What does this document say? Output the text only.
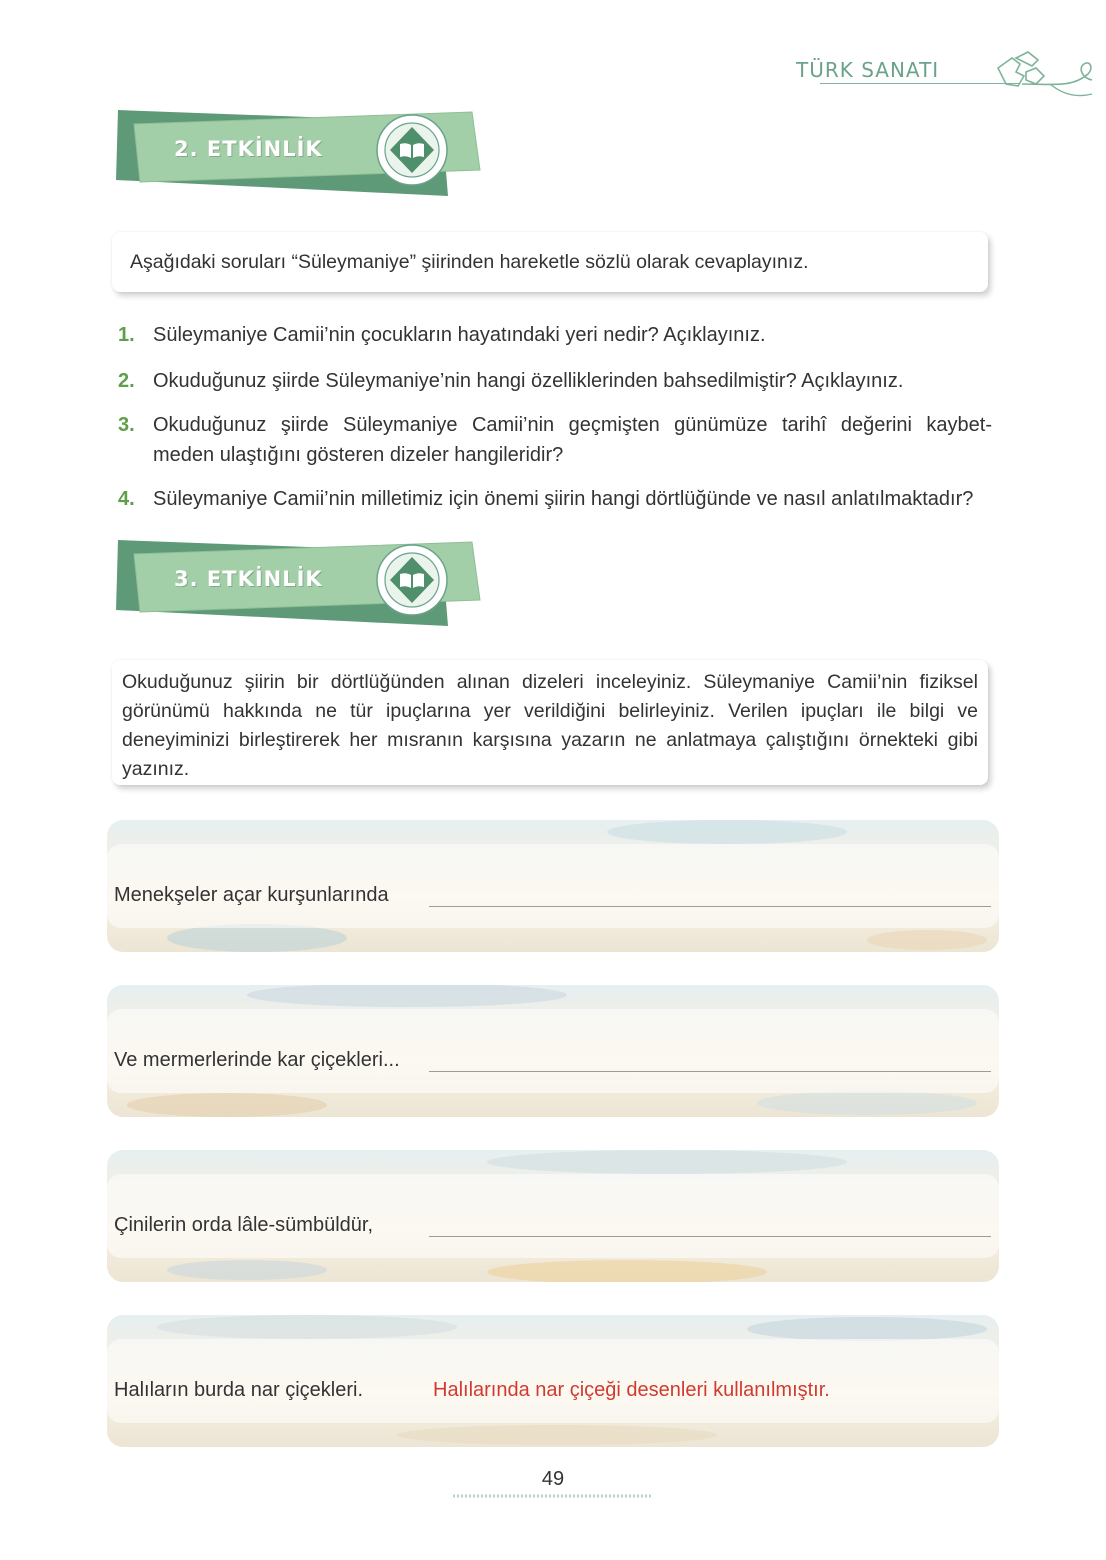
TÜRK SANATI
2. ETKİNLİK
Aşağıdaki soruları “Süleymaniye” şiirinden hareketle sözlü olarak cevaplayınız.
1. Süleymaniye Camii’nin çocukların hayatındaki yeri nedir? Açıklayınız.
2. Okuduğunuz şiirde Süleymaniye’nin hangi özelliklerinden bahsedilmiştir? Açıklayınız.
3. Okuduğunuz şiirde Süleymaniye Camii’nin geçmişten günümüze tarihî değerini kaybet-
meden ulaştığını gösteren dizeler hangileridir?
4. Süleymaniye Camii’nin milletimiz için önemi şiirin hangi dörtlüğünde ve nasıl anlatılmaktadır?
3. ETKİNLİK
Okuduğunuz şiirin bir dörtlüğünden alınan dizeleri inceleyiniz. Süleymaniye Camii’nin fiziksel görünümü hakkında ne tür ipuçlarına yer verildiğini belirleyiniz. Verilen ipuçları ile bilgi ve deneyiminizi birleştirerek her mısranın karşısına yazarın ne anlatmaya çalıştığını örnekteki gibi yazınız.
Menekşeler açar kurşunlarında
Ve mermerlerinde kar çiçekleri...
Çinilerin orda lâle-sümbüldür,
Halıların burda nar çiçekleri.	Halılarında nar çiçeği desenleri kullanılmıştır.
49
